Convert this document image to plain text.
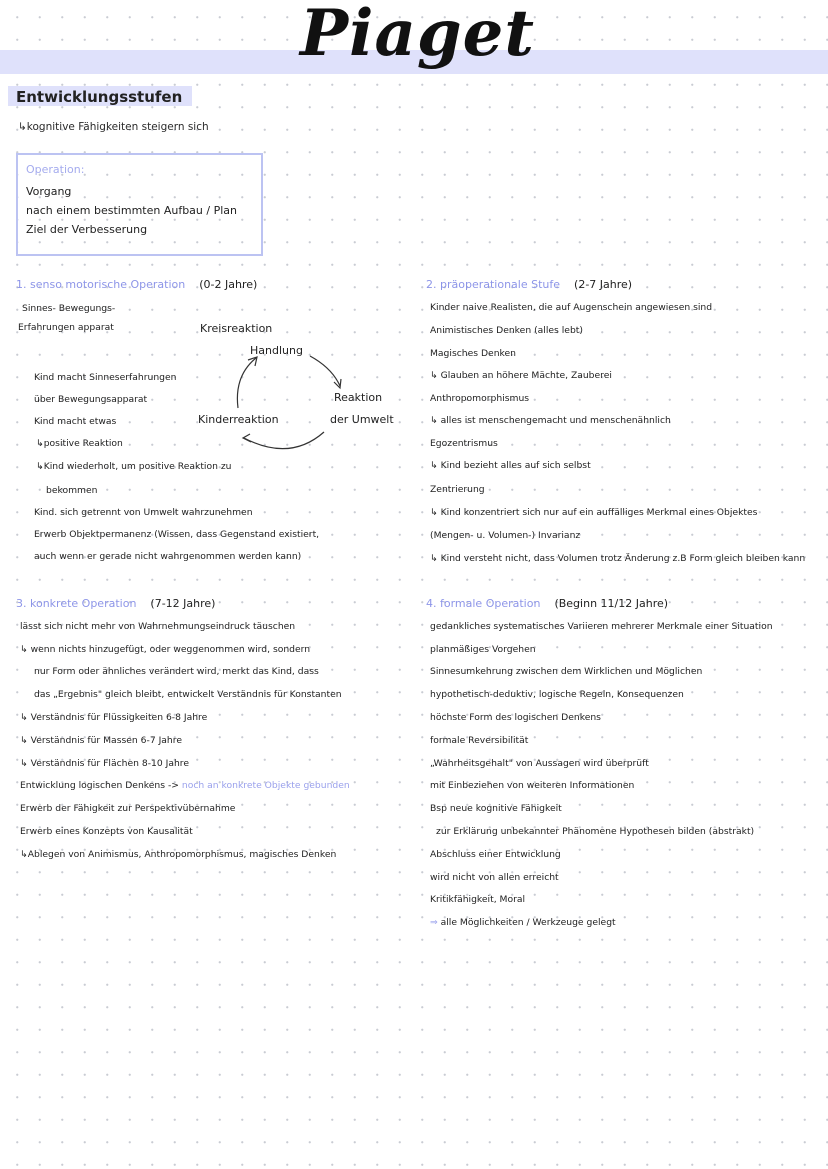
Piaget
Entwicklungsstufen
↳kognitive Fähigkeiten steigern sich
Operation:
Vorgang
nach einem bestimmten Aufbau / Plan
Ziel der Verbesserung
1. senso motorische Operation (0-2 Jahre)
Sinnes- Bewegungs-
Erfahrungen apparat
Kind macht Sinneserfahrungen
über Bewegungsapparat
Kind macht etwas
↳positive Reaktion
↳Kind wiederholt, um positive Reaktion zu
bekommen
Kind. sich getrennt von Umwelt wahrzunehmen
Erwerb Objektpermanenz (Wissen, dass Gegenstand existiert,
auch wenn er gerade nicht wahrgenommen werden kann)
Kreisreaktion
Handlung
Reaktion
der Umwelt
Kinderreaktion
2. präoperationale Stufe (2-7 Jahre)
Kinder naive Realisten, die auf Augenschein angewiesen sind
Animistisches Denken (alles lebt)
Magisches Denken
↳ Glauben an höhere Mächte, Zauberei
Anthropomorphismus
↳ alles ist menschengemacht und menschenähnlich
Egozentrismus
↳ Kind bezieht alles auf sich selbst
Zentrierung
↳ Kind konzentriert sich nur auf ein auffälliges Merkmal eines Objektes
(Mengen- u. Volumen-) Invarianz
↳ Kind versteht nicht, dass Volumen trotz Änderung z.B Form gleich bleiben kann
3. konkrete Operation (7-12 Jahre)
lässt sich nicht mehr von Wahrnehmungseindruck täuschen
↳ wenn nichts hinzugefügt, oder weggenommen wird, sondern
nur Form oder ähnliches verändert wird, merkt das Kind, dass
das „Ergebnis" gleich bleibt, entwickelt Verständnis für Konstanten
↳ Verständnis für Flüssigkeiten 6-8 Jahre
↳ Verständnis für Massen 6-7 Jahre
↳ Verständnis für Flächen 8-10 Jahre
Entwicklung logischen Denkens -> noch an konkrete Objekte gebunden
Erwerb der Fähigkeit zur Perspektivübernahme
Erwerb eines Konzepts von Kausalität
↳Ablegen von Animismus, Anthropomorphismus, magisches Denken
4. formale Operation (Beginn 11/12 Jahre)
gedankliches systematisches Variieren mehrerer Merkmale einer Situation
planmäßiges Vorgehen
Sinnesumkehrung zwischen dem Wirklichen und Möglichen
hypothetisch-deduktiv, logische Regeln, Konsequenzen
höchste Form des logischen Denkens
formale Reversibilität
„Wahrheitsgehalt" von Aussagen wird überprüft
mit Einbeziehen von weiteren Informationen
Bsp neue kognitive Fähigkeit
zur Erklärung unbekannter Phänomene Hypothesen bilden (abstrakt)
Abschluss einer Entwicklung
wird nicht von allen erreicht
Kritikfähigkeit, Moral
⇒ alle Möglichkeiten / Werkzeuge gelegt
